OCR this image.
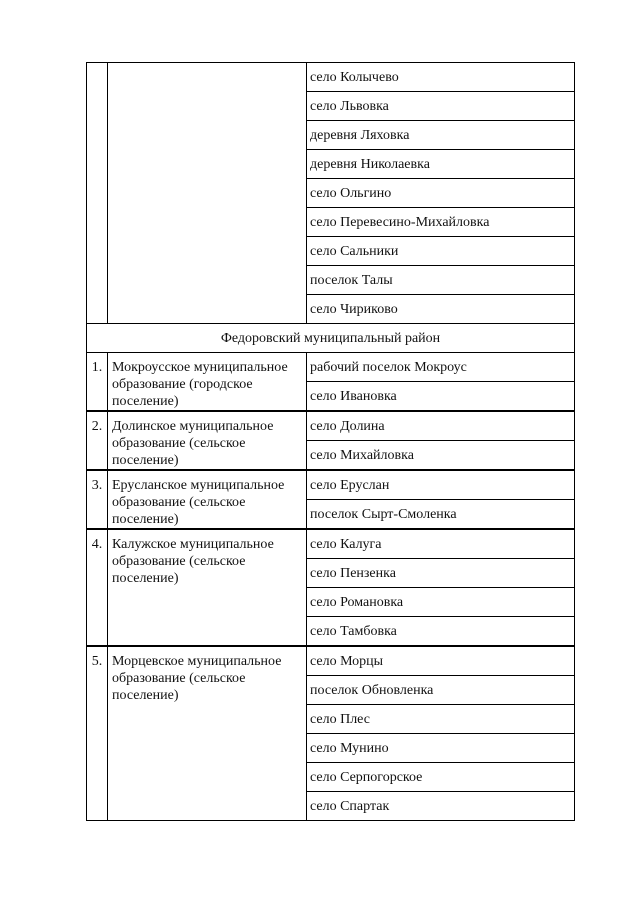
		село Колычево
		село Львовка
		деревня Ляховка
		деревня Николаевка
		село Ольгино
		село Перевесино-Михайловка
		село Сальники
		поселок Талы
		село Чириково
Федоровский муниципальный район		
1.	Мокроусское муниципальное образование (городское поселение)	рабочий поселок Мокроус
		село Ивановка
2.	Долинское муниципальное образование (сельское поселение)	село Долина
		село Михайловка
3.	Ерусланское муниципальное образование (сельское поселение)	село Еруслан
		поселок Сырт-Смоленка
4.	Калужское муниципальное образование (сельское поселение)	село Калуга
		село Пензенка
		село Романовка
		село Тамбовка
5.	Морцевское муниципальное образование (сельское поселение)	село Морцы
		поселок Обновленка
		село Плес
		село Мунино
		село Серпогорское
		село Спартак
